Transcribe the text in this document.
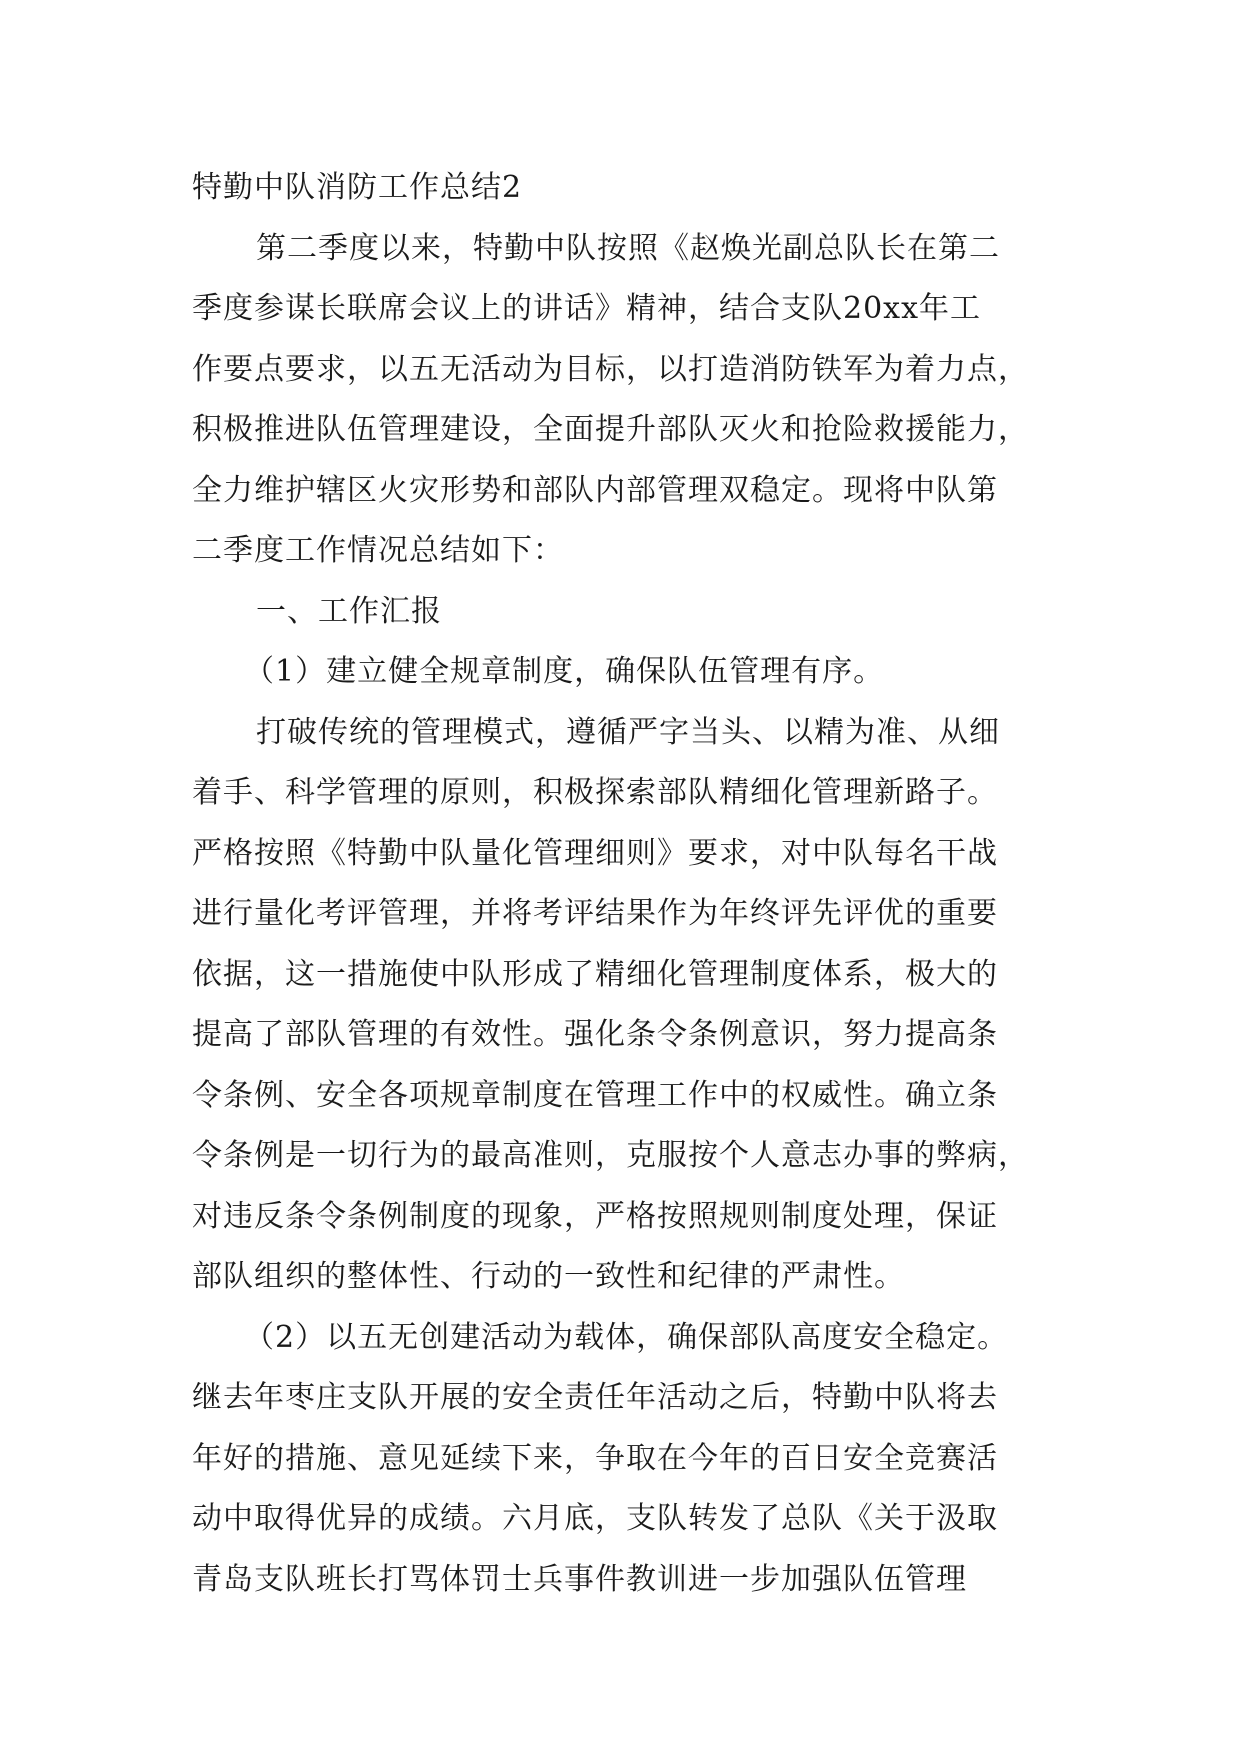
特勤中队消防工作总结2
第二季度以来，特勤中队按照《赵焕光副总队长在第二
季度参谋长联席会议上的讲话》精神，结合支队20xx年工
作要点要求，以五无活动为目标，以打造消防铁军为着力点，
积极推进队伍管理建设，全面提升部队灭火和抢险救援能力，
全力维护辖区火灾形势和部队内部管理双稳定。现将中队第
二季度工作情况总结如下：
一、工作汇报
（1）建立健全规章制度，确保队伍管理有序。
打破传统的管理模式，遵循严字当头、以精为准、从细
着手、科学管理的原则，积极探索部队精细化管理新路子。
严格按照《特勤中队量化管理细则》要求，对中队每名干战
进行量化考评管理，并将考评结果作为年终评先评优的重要
依据，这一措施使中队形成了精细化管理制度体系，极大的
提高了部队管理的有效性。强化条令条例意识，努力提高条
令条例、安全各项规章制度在管理工作中的权威性。确立条
令条例是一切行为的最高准则，克服按个人意志办事的弊病，
对违反条令条例制度的现象，严格按照规则制度处理，保证
部队组织的整体性、行动的一致性和纪律的严肃性。
（2）以五无创建活动为载体，确保部队高度安全稳定。
继去年枣庄支队开展的安全责任年活动之后，特勤中队将去
年好的措施、意见延续下来，争取在今年的百日安全竞赛活
动中取得优异的成绩。六月底，支队转发了总队《关于汲取
青岛支队班长打骂体罚士兵事件教训进一步加强队伍管理
